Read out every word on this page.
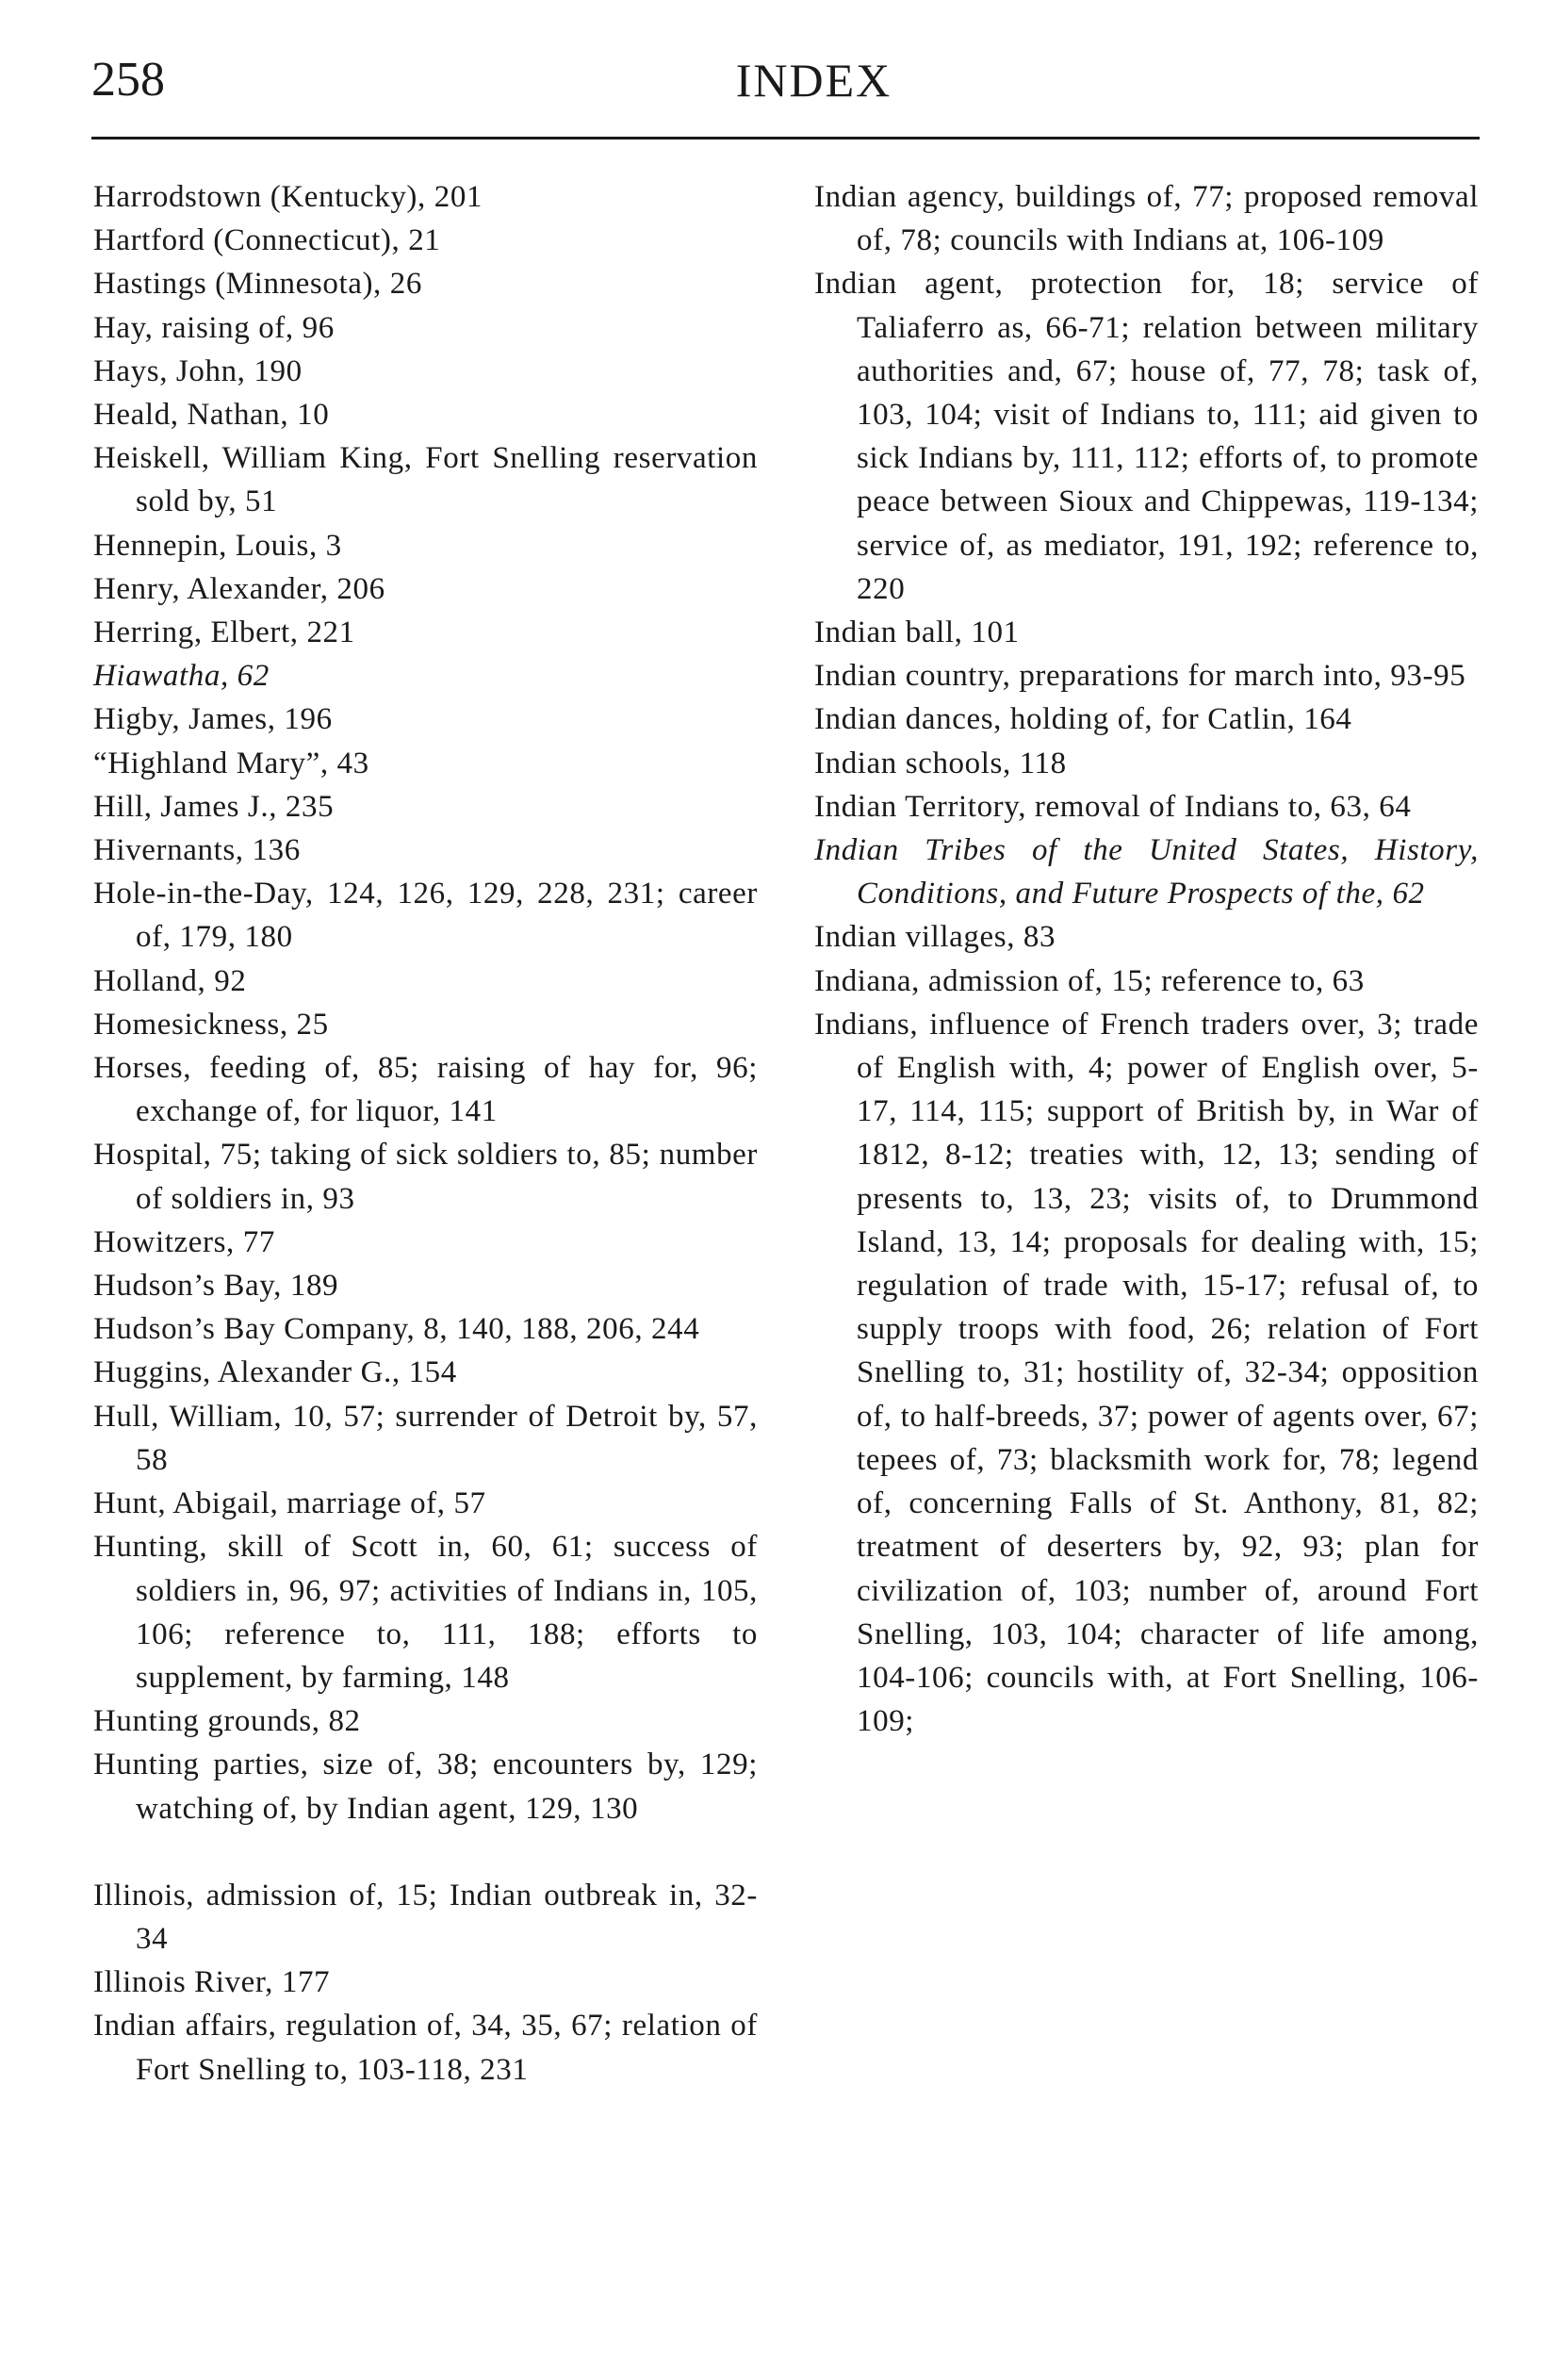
258	INDEX
Harrodstown (Kentucky), 201
Hartford (Connecticut), 21
Hastings (Minnesota), 26
Hay, raising of, 96
Hays, John, 190
Heald, Nathan, 10
Heiskell, William King, Fort Snelling reservation sold by, 51
Hennepin, Louis, 3
Henry, Alexander, 206
Herring, Elbert, 221
Hiawatha, 62
Higby, James, 196
“Highland Mary”, 43
Hill, James J., 235
Hivernants, 136
Hole-in-the-Day, 124, 126, 129, 228, 231; career of, 179, 180
Holland, 92
Homesickness, 25
Horses, feeding of, 85; raising of hay for, 96; exchange of, for liquor, 141
Hospital, 75; taking of sick soldiers to, 85; number of soldiers in, 93
Howitzers, 77
Hudson’s Bay, 189
Hudson’s Bay Company, 8, 140, 188, 206, 244
Huggins, Alexander G., 154
Hull, William, 10, 57; surrender of Detroit by, 57, 58
Hunt, Abigail, marriage of, 57
Hunting, skill of Scott in, 60, 61; success of soldiers in, 96, 97; activities of Indians in, 105, 106; reference to, 111, 188; efforts to supplement, by farming, 148
Hunting grounds, 82
Hunting parties, size of, 38; encounters by, 129; watching of, by Indian agent, 129, 130
Illinois, admission of, 15; Indian outbreak in, 32-34
Illinois River, 177
Indian affairs, regulation of, 34, 35, 67; relation of Fort Snelling to, 103-118, 231
Indian agency, buildings of, 77; proposed removal of, 78; councils with Indians at, 106-109
Indian agent, protection for, 18; service of Taliaferro as, 66-71; relation between military authorities and, 67; house of, 77, 78; task of, 103, 104; visit of Indians to, 111; aid given to sick Indians by, 111, 112; efforts of, to promote peace between Sioux and Chippewas, 119-134; service of, as mediator, 191, 192; reference to, 220
Indian ball, 101
Indian country, preparations for march into, 93-95
Indian dances, holding of, for Catlin, 164
Indian schools, 118
Indian Territory, removal of Indians to, 63, 64
Indian Tribes of the United States, History, Conditions, and Future Prospects of the, 62
Indian villages, 83
Indiana, admission of, 15; reference to, 63
Indians, influence of French traders over, 3; trade of English with, 4; power of English over, 5-17, 114, 115; support of British by, in War of 1812, 8-12; treaties with, 12, 13; sending of presents to, 13, 23; visits of, to Drummond Island, 13, 14; proposals for dealing with, 15; regulation of trade with, 15-17; refusal of, to supply troops with food, 26; relation of Fort Snelling to, 31; hostility of, 32-34; opposition of, to half-breeds, 37; power of agents over, 67; tepees of, 73; blacksmith work for, 78; legend of, concerning Falls of St. Anthony, 81, 82; treatment of deserters by, 92, 93; plan for civilization of, 103; number of, around Fort Snelling, 103, 104; character of life among, 104-106; councils with, at Fort Snelling, 106-109;
